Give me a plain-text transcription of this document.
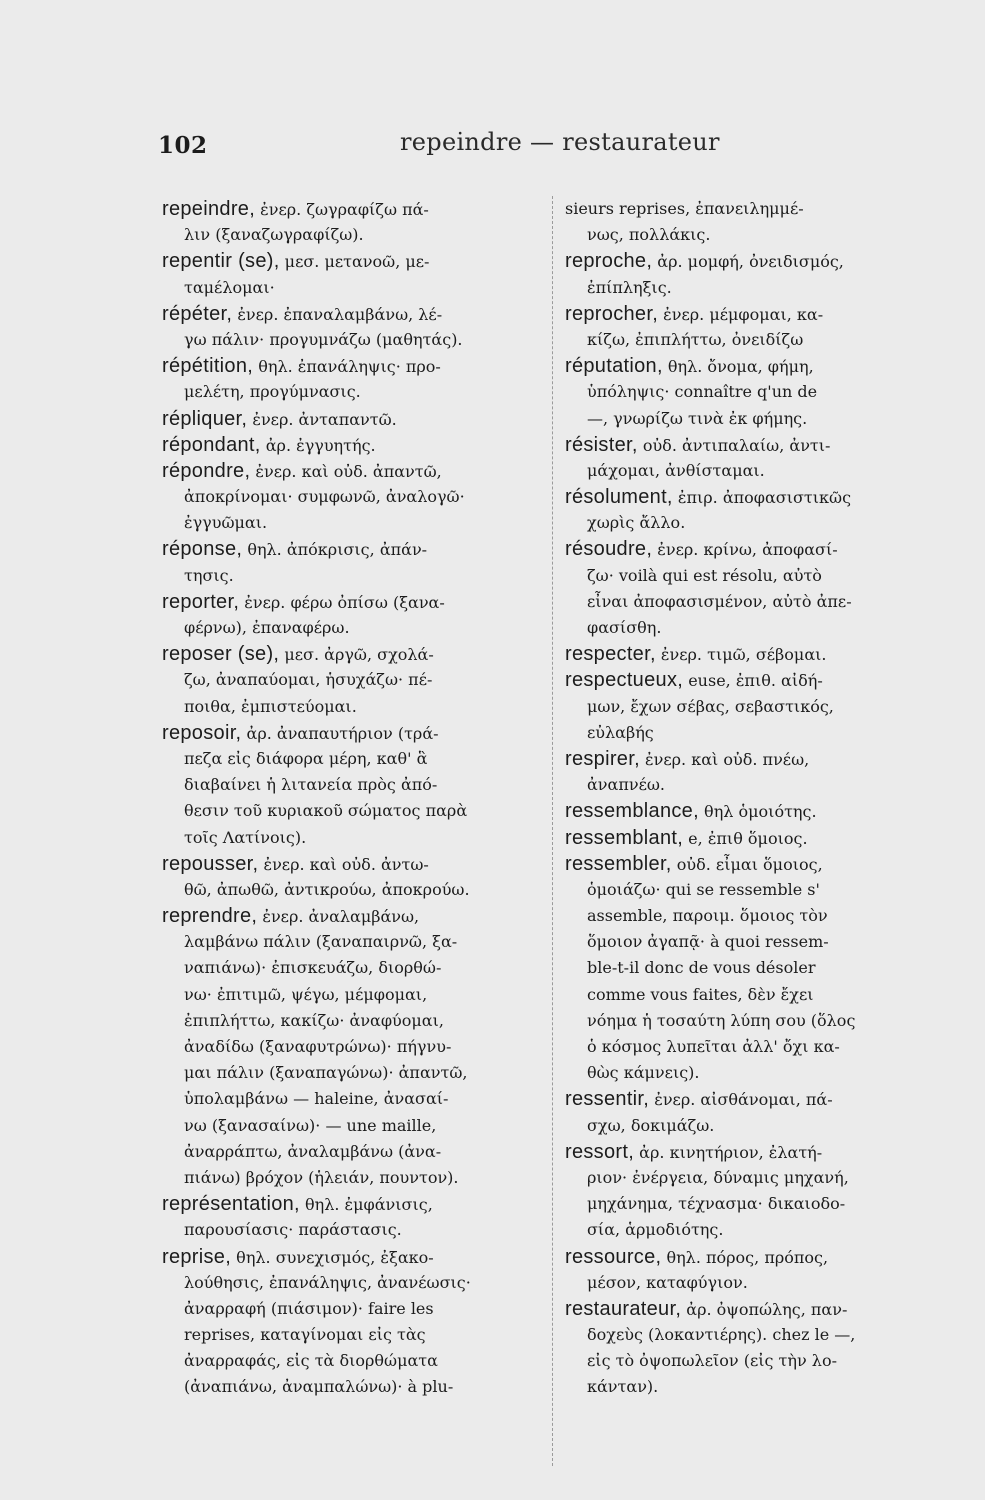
102	repeindre — restaurateur
repeindre, ἐνερ. ζωγραφίζω πά-
λιν (ξαναζωγραφίζω).
repentir (se), μεσ. μετανοῶ, με-
ταμέλομαι·
répéter, ἐνερ. ἐπαναλαμβάνω, λέ-
γω πάλιν· προγυμνάζω (μαθητάς).
répétition, θηλ. ἐπανάληψις· προ-
μελέτη, προγύμνασις.
répliquer, ἐνερ. ἀνταπαντῶ.
répondant, ἀρ. ἐγγυητής.
répondre, ἐνερ. καὶ οὐδ. ἀπαντῶ,
ἀποκρίνομαι· συμφωνῶ, ἀναλογῶ·
ἐγγυῶμαι.
réponse, θηλ. ἀπόκρισις, ἀπάν-
τησις.
reporter, ἐνερ. φέρω ὀπίσω (ξανα-
φέρνω), ἐπαναφέρω.
reposer (se), μεσ. ἀργῶ, σχολά-
ζω, ἀναπαύομαι, ἡσυχάζω· πέ-
ποιθα, ἐμπιστεύομαι.
reposoir, ἀρ. ἀναπαυτήριον (τρά-
πεζα εἰς διάφορα μέρη, καθ' ἃ
διαβαίνει ἡ λιτανεία πρὸς ἀπό-
θεσιν τοῦ κυριακοῦ σώματος παρὰ
τοῖς Λατίνοις).
repousser, ἐνερ. καὶ οὐδ. ἀντω-
θῶ, ἀπωθῶ, ἀντικρούω, ἀποκρούω.
reprendre, ἐνερ. ἀναλαμβάνω,
λαμβάνω πάλιν (ξαναπαιρνῶ, ξα-
ναπιάνω)· ἐπισκευάζω, διορθώ-
νω· ἐπιτιμῶ, ψέγω, μέμφομαι,
ἐπιπλήττω, κακίζω· ἀναφύομαι,
ἀναδίδω (ξαναφυτρώνω)· πήγνυ-
μαι πάλιν (ξαναπαγώνω)· ἀπαντῶ,
ὑπολαμβάνω — haleine, ἀνασαί-
νω (ξανασαίνω)· — une maille,
ἀναρράπτω, ἀναλαμβάνω (ἀνα-
πιάνω) βρόχον (ἡλειάν, πουντον).
représentation, θηλ. ἐμφάνισις,
παρουσίασις· παράστασις.
reprise, θηλ. συνεχισμός, ἐξακο-
λούθησις, ἐπανάληψις, ἀνανέωσις·
ἀναρραφή (πιάσιμον)· faire les
reprises, καταγίνομαι εἰς τὰς
ἀναρραφάς, εἰς τὰ διορθώματα
(ἀναπιάνω, ἀναμπαλώνω)· à plu-
sieurs reprises, ἐπανειλημμέ-
νως, πολλάκις.
reproche, ἀρ. μομφή, ὀνειδισμός,
ἐπίπληξις.
reprocher, ἐνερ. μέμφομαι, κα-
κίζω, ἐπιπλήττω, ὀνειδίζω
réputation, θηλ. ὄνομα, φήμη,
ὑπόληψις· connaître q'un de
—, γνωρίζω τινὰ ἐκ φήμης.
résister, οὐδ. ἀντιπαλαίω, ἀντι-
μάχομαι, ἀνθίσταμαι.
résolument, ἐπιρ. ἀποφασιστικῶς
χωρὶς ἄλλο.
résoudre, ἐνερ. κρίνω, ἀποφασί-
ζω· voilà qui est résolu, αὐτὸ
εἶναι ἀποφασισμένον, αὐτὸ ἀπε-
φασίσθη.
respecter, ἐνερ. τιμῶ, σέβομαι.
respectueux, euse, ἐπιθ. αἰδή-
μων, ἔχων σέβας, σεβαστικός,
εὐλαβής
respirer, ἐνερ. καὶ οὐδ. πνέω,
ἀναπνέω.
ressemblance, θηλ ὁμοιότης.
ressemblant, e, ἐπιθ ὅμοιος.
ressembler, οὐδ. εἶμαι ὅμοιος,
ὁμοιάζω· qui se ressemble s'
assemble, παροιμ. ὅμοιος τὸν
ὅμοιον ἀγαπᾷ· à quoi ressem-
ble-t-il donc de vous désoler
comme vous faites, δὲν ἔχει
νόημα ἡ τοσαύτη λύπη σου (ὅλος
ὁ κόσμος λυπεῖται ἀλλ' ὄχι κα-
θὼς κάμνεις).
ressentir, ἐνερ. αἰσθάνομαι, πά-
σχω, δοκιμάζω.
ressort, ἀρ. κινητήριον, ἐλατή-
ριον· ἐνέργεια, δύναμις μηχανή,
μηχάνημα, τέχνασμα· δικαιοδο-
σία, ἁρμοδιότης.
ressource, θηλ. πόρος, πρόπος,
μέσον, καταφύγιον.
restaurateur, ἀρ. ὀψοπώλης, παν-
δοχεὺς (λοκαντιέρης). chez le —,
εἰς τὸ ὀψοπωλεῖον (εἰς τὴν λο-
κάνταν).
